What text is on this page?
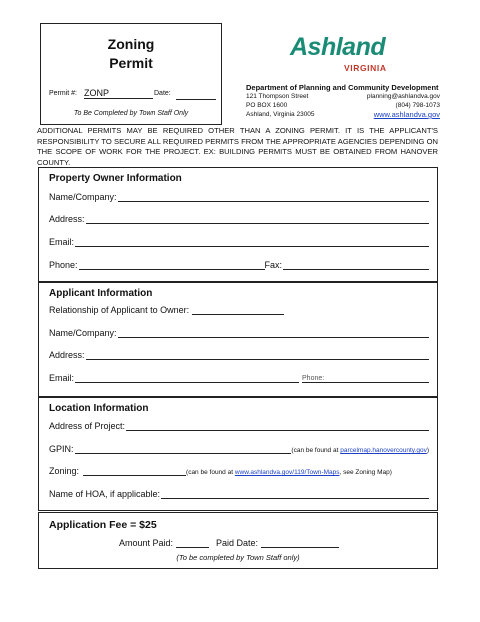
Zoning
Permit
Permit #: ZONP	Date:
To Be Completed by Town Staff Only
Ashland
VIRGINIA
Department of Planning and Community Development
121 Thompson Street
PO BOX 1600
Ashland, Virginia 23005
planning@ashlandva.gov
(804) 798-1073
www.ashlandva.gov
ADDITIONAL PERMITS MAY BE REQUIRED OTHER THAN A ZONING PERMIT. IT IS THE APPLICANT'S RESPONSIBILITY TO SECURE ALL REQUIRED PERMITS FROM THE APPROPRIATE AGENCIES DEPENDING ON THE SCOPE OF WORK FOR THE PROJECT. EX: BUILDING PERMITS MUST BE OBTAINED FROM HANOVER COUNTY.
Property Owner Information
Name/Company:
Address:
Email:
Phone:	Fax:
Applicant Information
Relationship of Applicant to Owner:
Name/Company:
Address:
Email:	Phone:
Location Information
Address of Project:
GPIN:	(can be found at parcelmap.hanovercounty.gov)
Zoning:	(can be found at www.ashlandva.gov/119/Town-Maps, see Zoning Map)
Name of HOA, if applicable:
Application Fee = $25
Amount Paid:	Paid Date:
(To be completed by Town Staff only)
